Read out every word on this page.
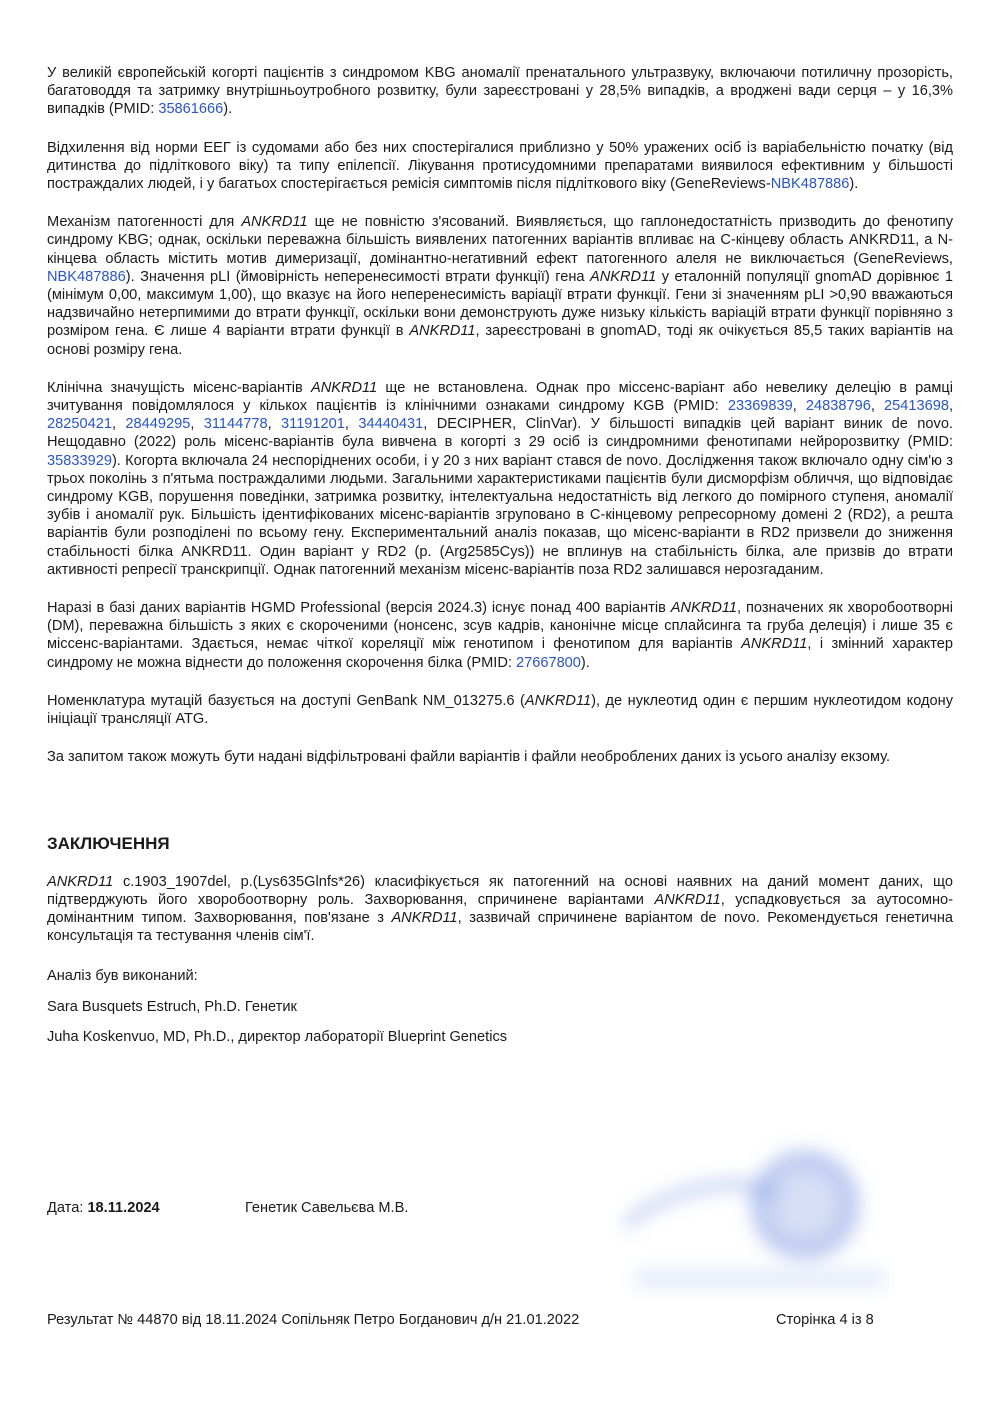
У великій європейській когорті пацієнтів з синдромом KBG аномалії пренатального ультразвуку, включаючи потиличну прозорість, багатоводдя та затримку внутрішньоутробного розвитку, були зареєстровані у 28,5% випадків, а вроджені вади серця – у 16,3% випадків (PMID: 35861666).

Відхилення від норми ЕЕГ із судомами або без них спостерігалися приблизно у 50% уражених осіб із варіабельністю початку (від дитинства до підліткового віку) та типу епілепсії. Лікування протисудомними препаратами виявилося ефективним у більшості постраждалих людей, і у багатьох спостерігається ремісія симптомів після підліткового віку (GeneReviews-NBK487886).

Механізм патогенності для ANKRD11 ще не повністю з'ясований. Виявляється, що гаплонедостатність призводить до фенотипу синдрому KBG; однак, оскільки переважна більшість виявлених патогенних варіантів впливає на C-кінцеву область ANKRD11, а N-кінцева область містить мотив димеризації, домінантно-негативний ефект патогенного алеля не виключається (GeneReviews, NBK487886). Значення pLI (ймовірність неперенесимості втрати функції) гена ANKRD11 у еталонній популяції gnomAD дорівнює 1 (мінімум 0,00, максимум 1,00), що вказує на його неперенесимість варіації втрати функції. Гени зі значенням pLI >0,90 вважаються надзвичайно нетерпимими до втрати функції, оскільки вони демонструють дуже низьку кількість варіацій втрати функції порівняно з розміром гена. Є лише 4 варіанти втрати функції в ANKRD11, зареєстровані в gnomAD, тоді як очікується 85,5 таких варіантів на основі розміру гена.

Клінічна значущість місенс-варіантів ANKRD11 ще не встановлена. Однак про міссенс-варіант або невелику делецію в рамці зчитування повідомлялося у кількох пацієнтів із клінічними ознаками синдрому KGB (PMID: 23369839, 24838796, 25413698, 28250421, 28449295, 31144778, 31191201, 34440431, DECIPHER, ClinVar). У більшості випадків цей варіант виник de novo. Нещодавно (2022) роль місенс-варіантів була вивчена в когорті з 29 осіб із синдромними фенотипами нейророзвитку (PMID: 35833929). Когорта включала 24 неспоріднених особи, і у 20 з них варіант стався de novo. Дослідження також включало одну сім'ю з трьох поколінь з п'ятьма постраждалими людьми. Загальними характеристиками пацієнтів були дисморфізм обличчя, що відповідає синдрому KGB, порушення поведінки, затримка розвитку, інтелектуальна недостатність від легкого до помірного ступеня, аномалії зубів і аномалії рук. Більшість ідентифікованих місенс-варіантів згруповано в C-кінцевому репресорному домені 2 (RD2), а решта варіантів були розподілені по всьому гену. Експериментальний аналіз показав, що місенс-варіанти в RD2 призвели до зниження стабільності білка ANKRD11. Один варіант у RD2 (p. (Arg2585Cys)) не вплинув на стабільність білка, але призвів до втрати активності репресії транскрипції. Однак патогенний механізм місенс-варіантів поза RD2 залишався нерозгаданим.

Наразі в базі даних варіантів HGMD Professional (версія 2024.3) існує понад 400 варіантів ANKRD11, позначених як хворобоотворні (DM), переважна більшість з яких є скороченими (нонсенс, зсув кадрів, канонічне місце сплайсинга та груба делеція) і лише 35 є міссенс-варіантами. Здається, немає чіткої кореляції між генотипом і фенотипом для варіантів ANKRD11, і змінний характер синдрому не можна віднести до положення скорочення білка (PMID: 27667800).

Номенклатура мутацій базується на доступі GenBank NM_013275.6 (ANKRD11), де нуклеотид один є першим нуклеотидом кодону ініціації трансляції ATG.

За запитом також можуть бути надані відфільтровані файли варіантів і файли необроблених даних із усього аналізу екзому.

ЗАКЛЮЧЕННЯ

ANKRD11 c.1903_1907del, p.(Lys635Glnfs*26) класифікується як патогенний на основі наявних на даний момент даних, що підтверджують його хворобоотворну роль. Захворювання, спричинене варіантами ANKRD11, успадковується за аутосомно-домінантним типом. Захворювання, пов'язане з ANKRD11, зазвичай спричинене варіантом de novo. Рекомендується генетична консультація та тестування членів сім'ї.

Аналіз був виконаний:

Sara Busquets Estruch, Ph.D. Генетик

Juha Koskenvuo, MD, Ph.D., директор лабораторії Blueprint Genetics

Дата: 18.11.2024	Генетик Савельєва М.В.
Результат № 44870 від 18.11.2024 Сопільняк Петро Богданович д/н 21.01.2022	Сторінка 4 із 8
